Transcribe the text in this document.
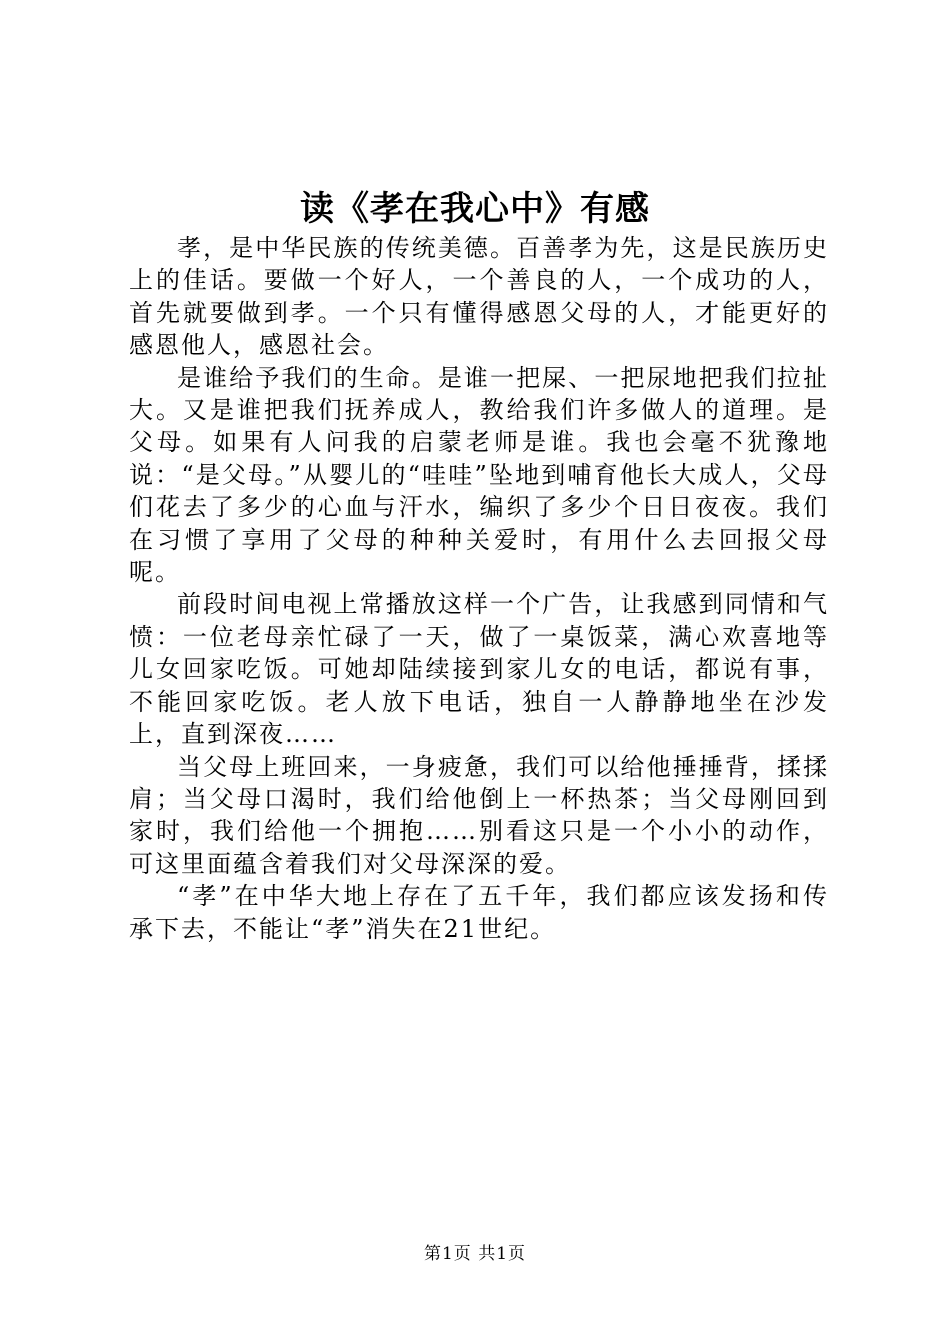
读《孝在我心中》有感

孝，是中华民族的传统美德。百善孝为先，这是民族历史上的佳话。要做一个好人，一个善良的人，一个成功的人，首先就要做到孝。一个只有懂得感恩父母的人，才能更好的感恩他人，感恩社会。

是谁给予我们的生命。是谁一把屎、一把尿地把我们拉扯大。又是谁把我们抚养成人，教给我们许多做人的道理。是父母。如果有人问我的启蒙老师是谁。我也会毫不犹豫地说：“是父母。”从婴儿的“哇哇”坠地到哺育他长大成人，父母们花去了多少的心血与汗水，编织了多少个日日夜夜。我们在习惯了享用了父母的种种关爱时，有用什么去回报父母呢。

前段时间电视上常播放这样一个广告，让我感到同情和气愤：一位老母亲忙碌了一天，做了一桌饭菜，满心欢喜地等儿女回家吃饭。可她却陆续接到家儿女的电话，都说有事，不能回家吃饭。老人放下电话，独自一人静静地坐在沙发上，直到深夜……

当父母上班回来，一身疲惫，我们可以给他捶捶背，揉揉肩；当父母口渴时，我们给他倒上一杯热茶；当父母刚回到家时，我们给他一个拥抱……别看这只是一个小小的动作，可这里面蕴含着我们对父母深深的爱。

“孝”在中华大地上存在了五千年，我们都应该发扬和传承下去，不能让“孝”消失在21世纪。

第1页 共1页
